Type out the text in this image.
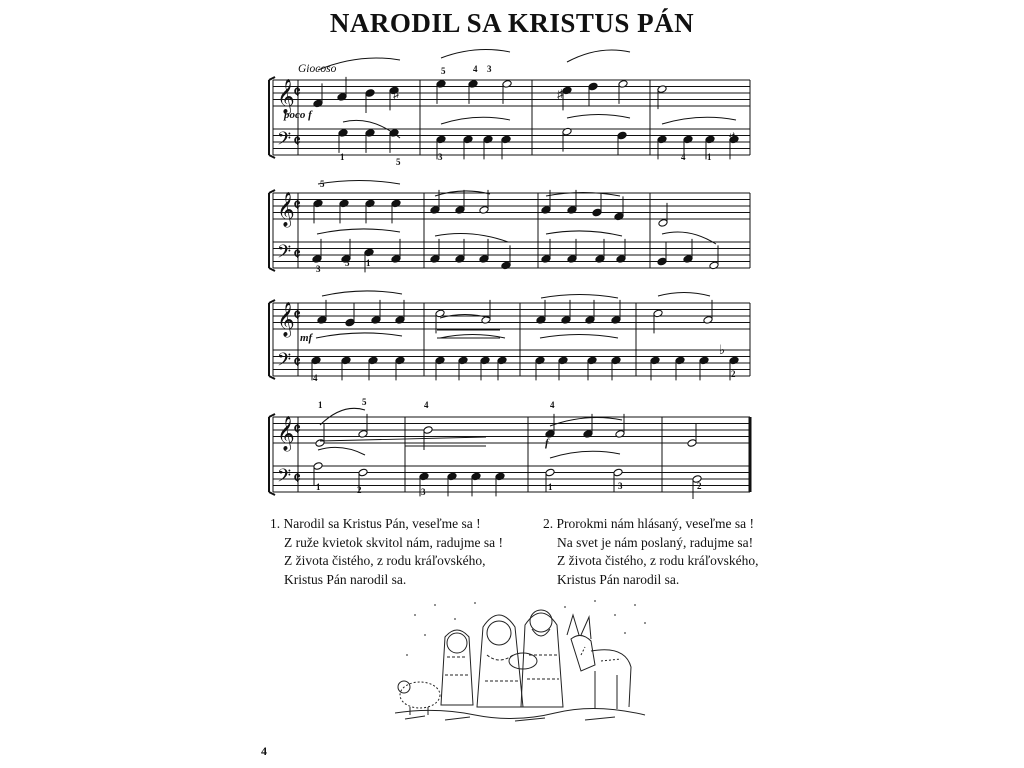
NARODIL SA KRISTUS PÁN
𝄞
𝄢
𝄵
𝄵
𝄞
𝄢
𝄵
𝄵
𝄞
𝄢
𝄵
𝄵
𝄞
𝄢
𝄵
𝄵
Giocoso
poco f
mf
f
♯	♯
♯
♭
5	4 3
1	5	3	4 1
5
3
5 1
4	2
1	5	4	4
1	2	3	1	3	2
1. Narodil sa Kristus Pán, veseľme sa !
Z ruže kvietok skvitol nám, radujme sa !
Z života čistého, z rodu kráľovského,
Kristus Pán narodil sa.
2. Prorokmi nám hlásaný, veseľme sa !
Na svet je nám poslaný, radujme sa!
Z života čistého, z rodu kráľovského,
Kristus Pán narodil sa.
4
